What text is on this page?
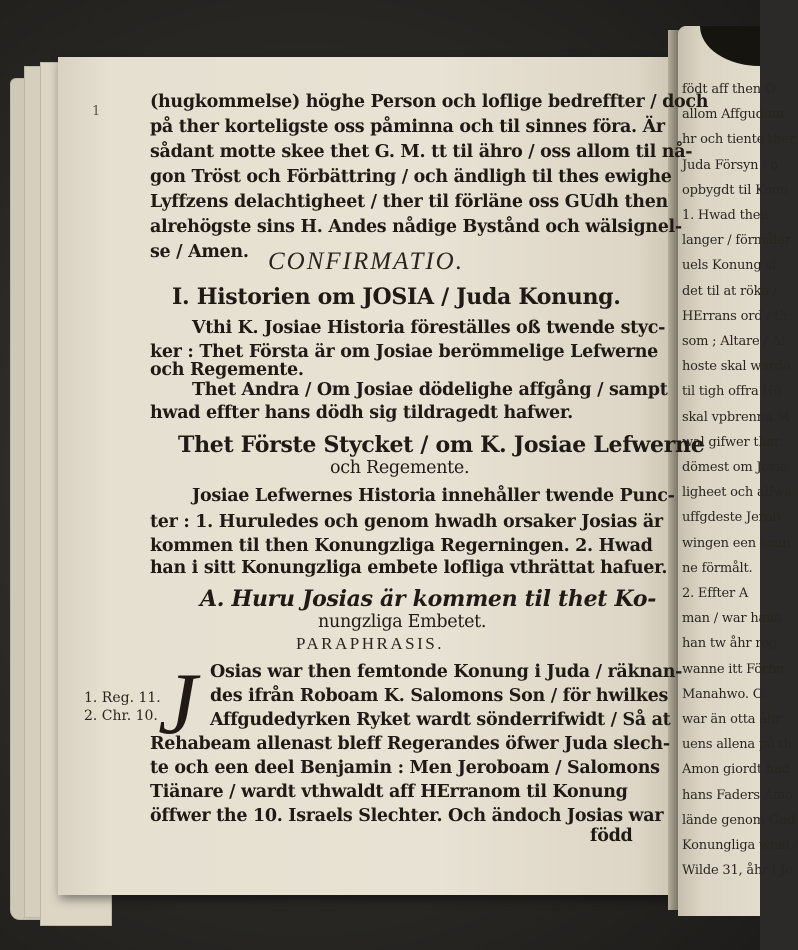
födt aff then O
allom Affgudom
hr och tiente ther
Juda Försyn / o
opbygdt til Konu
1. Hwad then
langer / förmåler
uels Konung st
det til at röka /
HErrans ord / th
som ; Altare / Al
hoste skal warda
til tigh offra Hö
skal vpbrenna M
wal gifwer ther
dömest om Josia
ligheet och alfwa
uffgdeste Jerob
wingen een sann
ne förmålt.
2. Effter A
man / war hans
han tw åhr reg
wanne itt Förbu
Manahwo. O.
war än otta åhr
uens allena på th
Amon giordt had
hans Faders Amo
lände genom Gud
Konungliga whal /
Wilde 31, åhr i Je
1	(hugkommelse) höghe Person och loflige bedreffter / doch
på ther korteligste oss påminna och til sinnes föra. Är
sådant motte skee thet G. M. tt til ähro / oss allom til nå-
gon Tröst och Förbättring / och ändligh til thes ewighe
Lyffzens delachtigheet / ther til förläne oss GUdh then
alrehögste sins H. Andes nådige Bystånd och wälsignel-
se / Amen. CONFIRMATIO.
I. Historien om JOSIA / Juda Konung.
Vthi K. Josiae Historia föreställes oß twende styc-
ker : Thet Första är om Josiae berömmelige Lefwerne
och Regemente.
Thet Andra / Om Josiae dödelighe affgång / sampt
hwad effter hans dödh sig tildragedt hafwer.
Thet Förste Stycket / om K. Josiae Lefwerne
och Regemente.
Josiae Lefwernes Historia innehåller twende Punc-
ter : 1. Huruledes och genom hwadh orsaker Josias är
kommen til then Konungzliga Regerningen. 2. Hwad
han i sitt Konungzliga embete lofliga vthrättat hafuer.
A. Huru Josias är kommen til thet Ko-
nungzliga Embetet.
PARAPHRASIS.
J Osias war then femtonde Konung i Juda / räknan-
des ifrån Roboam K. Salomons Son / för hwilkes
Affgudedyrken Ryket wardt sönderrifwidt / Så at
Rehabeam allenast bleff Regerandes öfwer Juda slech-
te och een deel Benjamin : Men Jeroboam / Salomons
Tiänare / wardt vthwaldt aff HErranom til Konung
öffwer the 10. Israels Slechter. Och ändoch Josias war
född
1. Reg. 11.
2. Chr. 10.
